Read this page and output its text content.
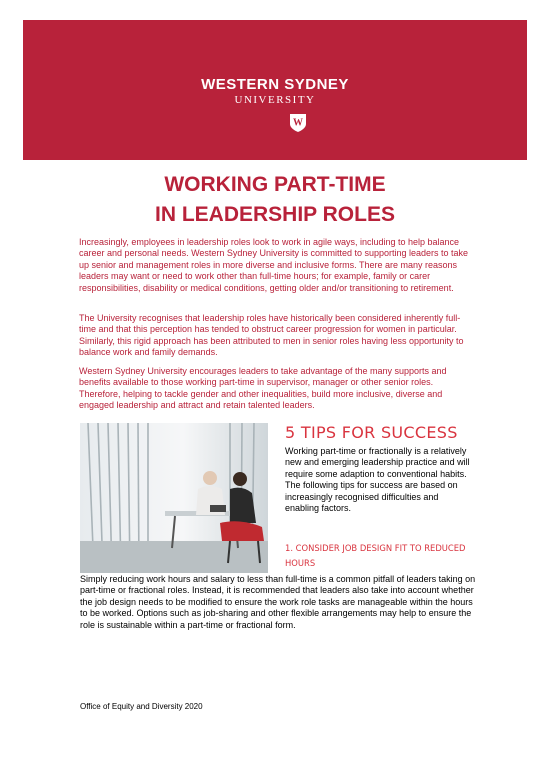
WESTERN SYDNEY
UNIVERSITY
W
WORKING PART-TIME
IN LEADERSHIP ROLES

Increasingly, employees in leadership roles look to work in agile ways, including to help balance career and personal needs. Western Sydney University is committed to supporting leaders to take up senior and management roles in more diverse and inclusive forms. There are many reasons leaders may want or need to work other than full-time hours; for example, family or carer responsibilities, disability or medical conditions, getting older and/or transitioning to retirement.

The University recognises that leadership roles have historically been considered inherently full-time and that this perception has tended to obstruct career progression for women in particular. Similarly, this rigid approach has been attributed to men in senior roles having less opportunity to balance work and family demands.

Western Sydney University encourages leaders to take advantage of the many supports and benefits available to those working part-time in supervisor, manager or other senior roles. Therefore, helping to tackle gender and other inequalities, build more inclusive, diverse and engaged leadership and attract and retain talented leaders.

5 TIPS FOR SUCCESS

Working part-time or fractionally is a relatively new and emerging leadership practice and will require some adaption to conventional habits. The following tips for success are based on increasingly recognised difficulties and enabling factors.

1. CONSIDER JOB DESIGN FIT TO REDUCED HOURS

Simply reducing work hours and salary to less than full-time is a common pitfall of leaders taking on part-time or fractional roles. Instead, it is recommended that leaders also take into account whether the job design needs to be modified to ensure the work role tasks are manageable within the hours to be worked. Options such as job-sharing and other flexible arrangements may help to ensure the role is sustainable within a part-time or fractional form.

Office of Equity and Diversity 2020
